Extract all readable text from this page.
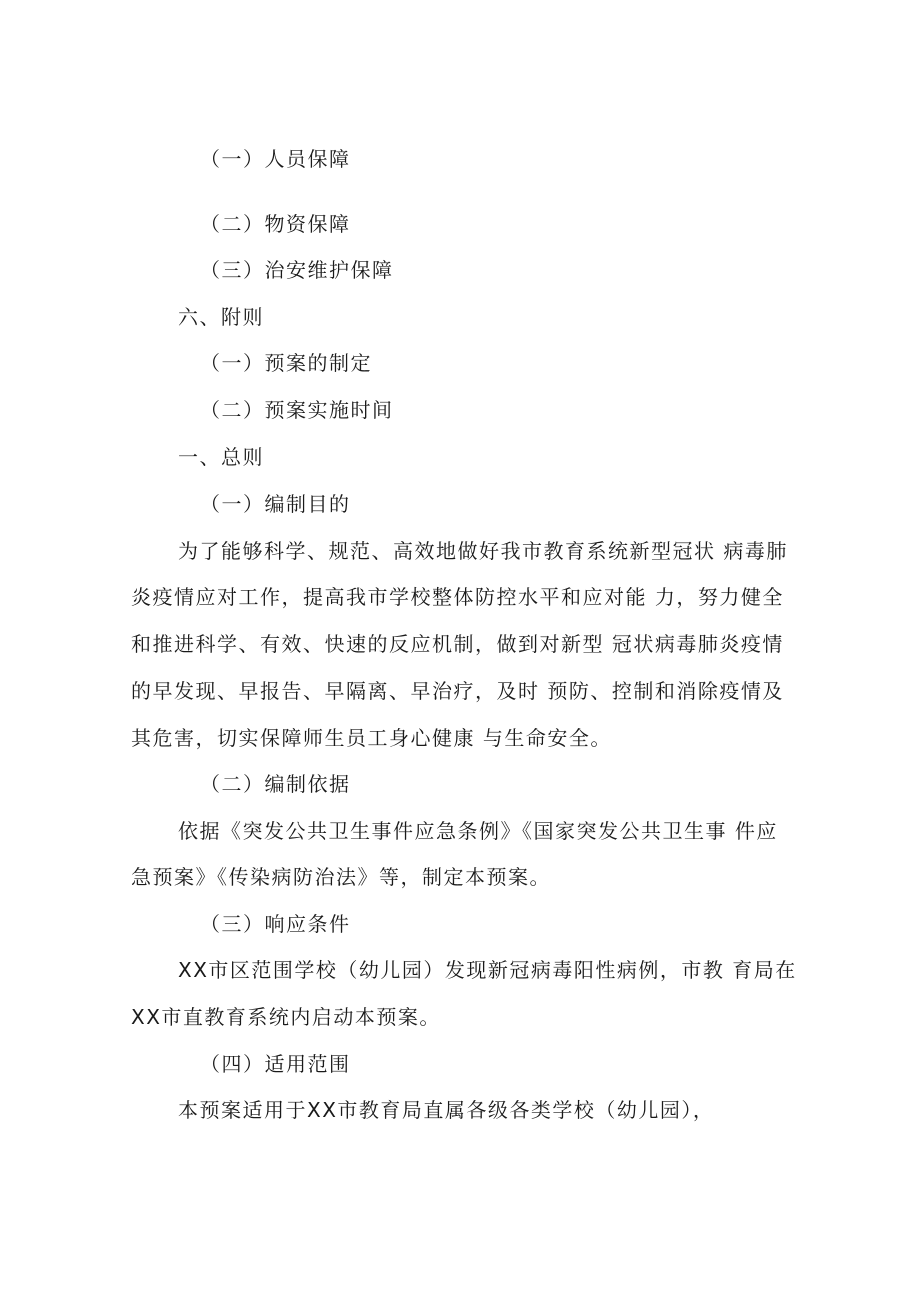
（一）人员保障

（二）物资保障

（三）治安维护保障

六、附则

（一）预案的制定

（二）预案实施时间

一、总则

（一）编制目的

为了能够科学、规范、高效地做好我市教育系统新型冠状 病毒肺

炎疫情应对工作，提高我市学校整体防控水平和应对能 力，努力健全

和推进科学、有效、快速的反应机制，做到对新型 冠状病毒肺炎疫情

的早发现、早报告、早隔离、早治疗，及时 预防、控制和消除疫情及

其危害，切实保障师生员工身心健康 与生命安全。

（二）编制依据

依据《突发公共卫生事件应急条例》《国家突发公共卫生事 件应

急预案》《传染病防治法》等，制定本预案。

（三）响应条件

XX市区范围学校（幼儿园）发现新冠病毒阳性病例，市教 育局在

XX市直教育系统内启动本预案。

（四）适用范围

本预案适用于XX市教育局直属各级各类学校（幼儿园），
